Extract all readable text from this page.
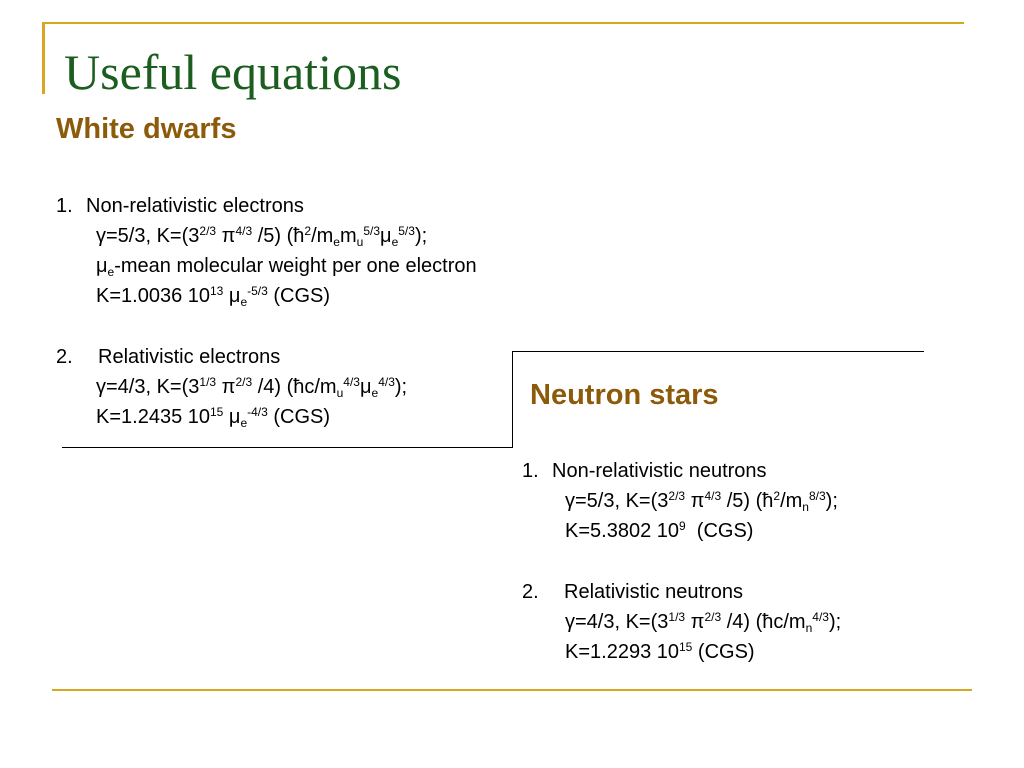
Useful equations
White dwarfs
1. Non-relativistic electrons
γ=5/3, $K=(3^{2/3}$ $\pi^{4/3}$ /5) $(ħ^2/m_em_u^{5/3}\mu_e^{5/3})$;
$\mu_e$-mean molecular weight per one electron
K=1.0036 $10^{13}$ $\mu_e^{-5/3}$ (CGS)
2. Relativistic electrons
γ=4/3, $K=(3^{1/3}$ $\pi^{2/3}$ /4) $(ħc/m_u^{4/3}\mu_e^{4/3})$;
K=1.2435 $10^{15}$ $\mu_e^{-4/3}$ (CGS)
Neutron stars
1. Non-relativistic neutrons
γ=5/3, $K=(3^{2/3}$ $\pi^{4/3}$ /5) $(ħ^2/m_n^{8/3})$;
K=5.3802 $10^9$  (CGS)
2. Relativistic neutrons
γ=4/3, $K=(3^{1/3}$ $\pi^{2/3}$ /4) $(ħc/m_n^{4/3})$;
K=1.2293 $10^{15}$ (CGS)
